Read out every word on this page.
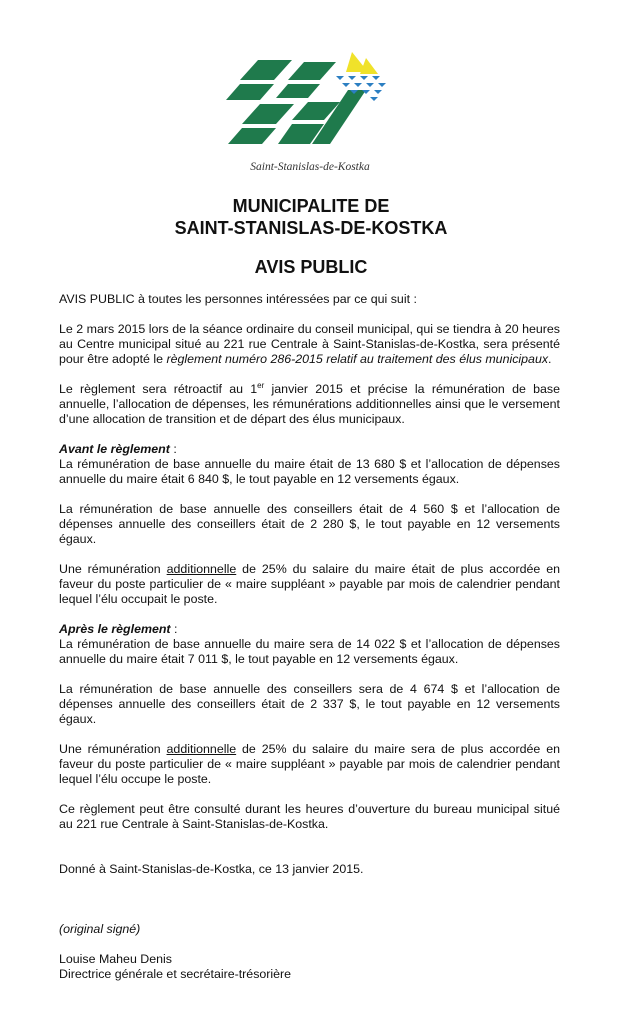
Saint-Stanislas-de-Kostka
MUNICIPALITE DE
SAINT-STANISLAS-DE-KOSTKA
AVIS PUBLIC

AVIS PUBLIC à toutes les personnes intéressées par ce qui suit :

Le 2 mars 2015 lors de la séance ordinaire du conseil municipal, qui se tiendra à 20 heures au Centre municipal situé au 221 rue Centrale à Saint-Stanislas-de-Kostka, sera présenté pour être adopté le règlement numéro 286-2015 relatif au traitement des élus municipaux.

Le règlement sera rétroactif au 1er janvier 2015 et précise la rémunération de base annuelle, l’allocation de dépenses, les rémunérations additionnelles ainsi que le versement d’une allocation de transition et de départ des élus municipaux.

Avant le règlement :
La rémunération de base annuelle du maire était de 13 680 $ et l’allocation de dépenses annuelle du maire était 6 840 $, le tout payable en 12 versements égaux.

La rémunération de base annuelle des conseillers était de 4 560 $ et l’allocation de dépenses annuelle des conseillers était de 2 280 $, le tout payable en 12 versements égaux.

Une rémunération additionnelle de 25% du salaire du maire était de plus accordée en faveur du poste particulier de « maire suppléant » payable par mois de calendrier pendant lequel l’élu occupait le poste.

Après le règlement :
La rémunération de base annuelle du maire sera de 14 022 $ et l’allocation de dépenses annuelle du maire était 7 011 $, le tout payable en 12 versements égaux.

La rémunération de base annuelle des conseillers sera de 4 674 $ et l’allocation de dépenses annuelle des conseillers était de 2 337 $, le tout payable en 12 versements égaux.

Une rémunération additionnelle de 25% du salaire du maire sera de plus accordée en faveur du poste particulier de « maire suppléant » payable par mois de calendrier pendant lequel l’élu occupe le poste.

Ce règlement peut être consulté durant les heures d’ouverture du bureau municipal situé au 221 rue Centrale à Saint-Stanislas-de-Kostka.

Donné à Saint-Stanislas-de-Kostka, ce 13 janvier 2015.

(original signé)

Louise Maheu Denis
Directrice générale et secrétaire-trésorière
